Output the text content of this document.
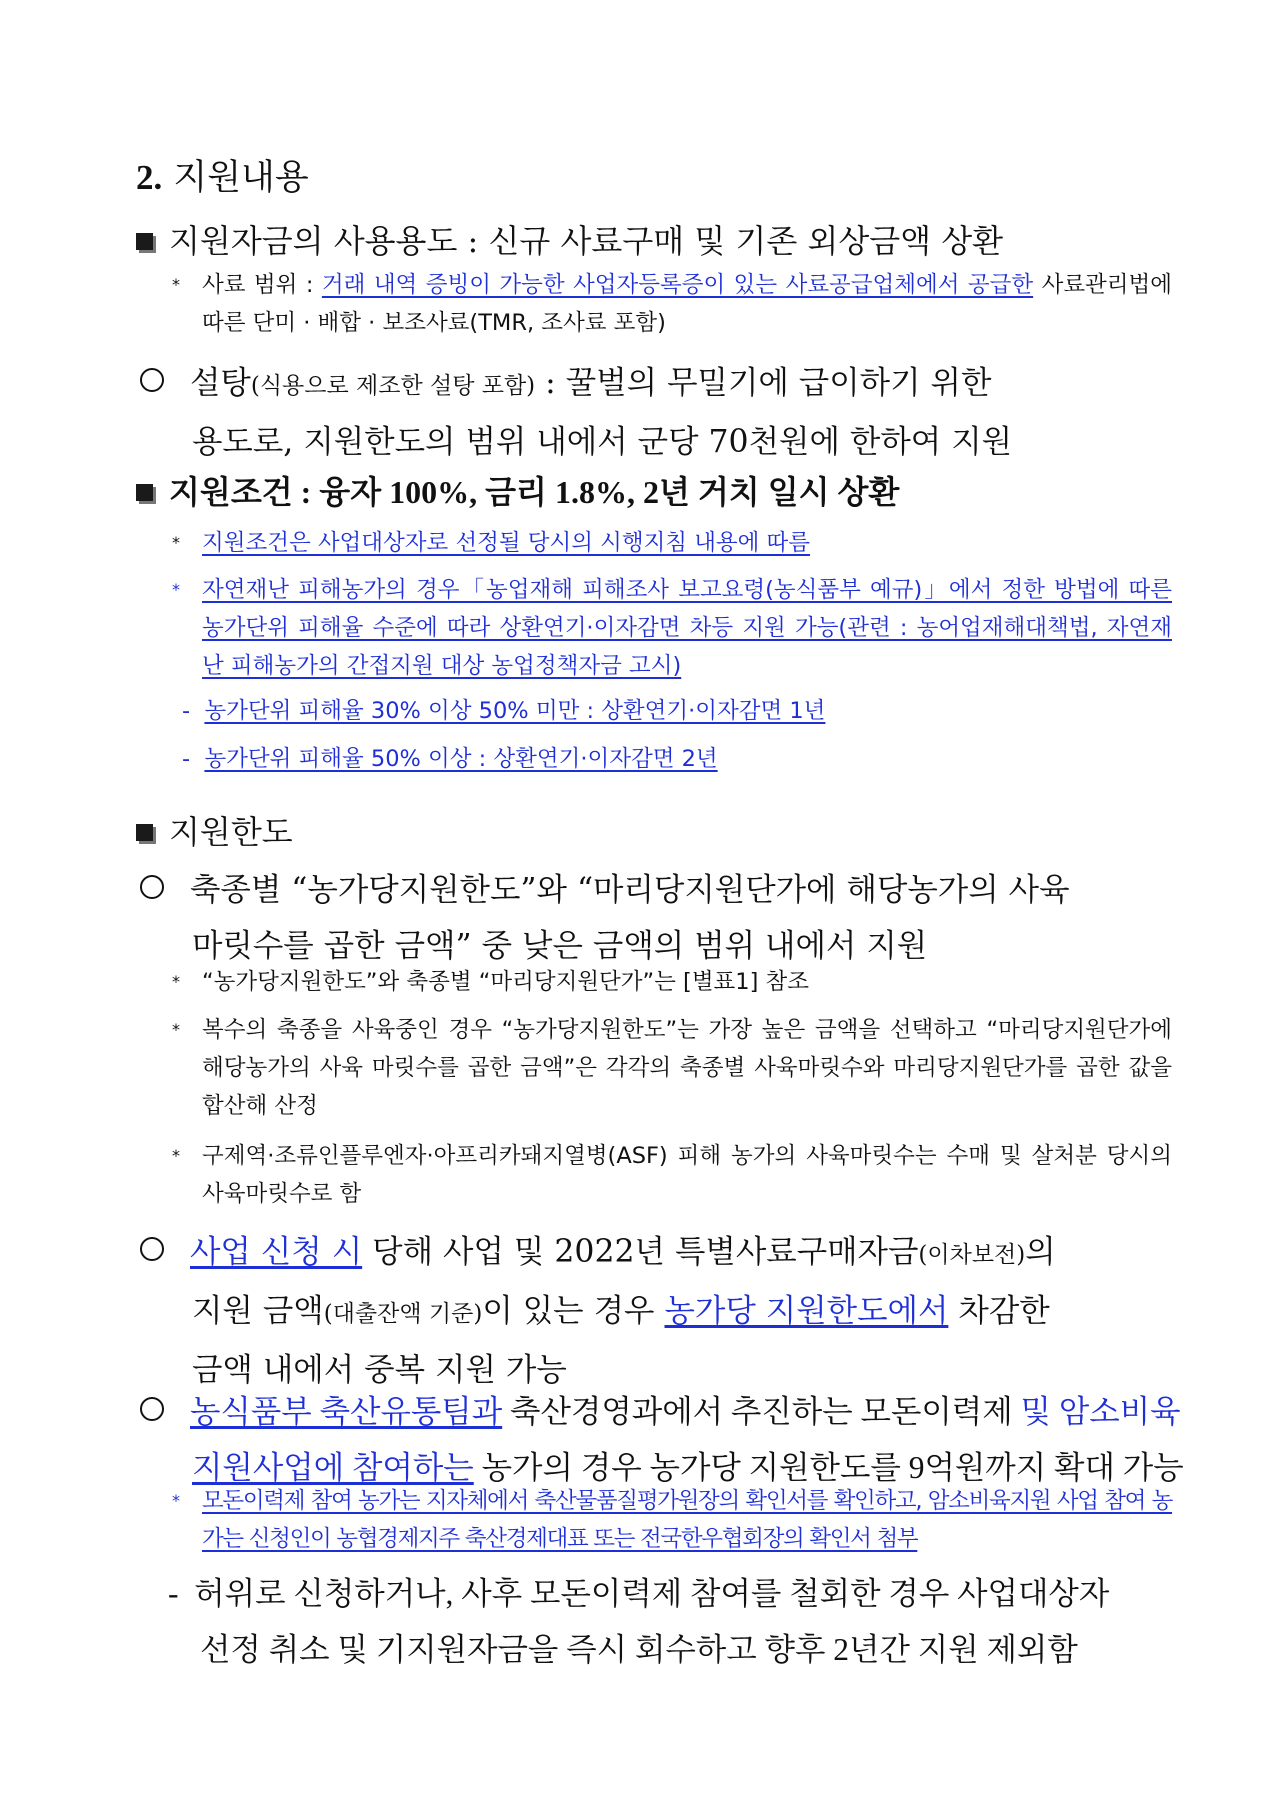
2. 지원내용
지원자금의 사용용도 : 신규 사료구매 및 기존 외상금액 상환
* 사료 범위 : 거래 내역 증빙이 가능한 사업자등록증이 있는 사료공급업체에서 공급한 사료관리법에 따른 단미 · 배합 · 보조사료(TMR, 조사료 포함)
설탕(식용으로 제조한 설탕 포함) : 꿀벌의 무밀기에 급이하기 위한
용도로, 지원한도의 범위 내에서 군당 70천원에 한하여 지원
지원조건 : 융자 100%, 금리 1.8%, 2년 거치 일시 상환
* 지원조건은 사업대상자로 선정될 당시의 시행지침 내용에 따름
* 자연재난 피해농가의 경우「농업재해 피해조사 보고요령(농식품부 예규)」에서 정한 방법에 따른 농가단위 피해율 수준에 따라 상환연기·이자감면 차등 지원 가능(관련 : 농어업재해대책법, 자연재난 피해농가의 간접지원 대상 농업정책자금 고시)
- 농가단위 피해율 30% 이상 50% 미만 : 상환연기·이자감면 1년
- 농가단위 피해율 50% 이상 : 상환연기·이자감면 2년
지원한도
축종별 “농가당지원한도”와 “마리당지원단가에 해당농가의 사육
마릿수를 곱한 금액” 중 낮은 금액의 범위 내에서 지원
* “농가당지원한도”와 축종별 “마리당지원단가”는 [별표1] 참조
* 복수의 축종을 사육중인 경우 “농가당지원한도”는 가장 높은 금액을 선택하고 “마리당지원단가에 해당농가의 사육 마릿수를 곱한 금액”은 각각의 축종별 사육마릿수와 마리당지원단가를 곱한 값을 합산해 산정
* 구제역·조류인플루엔자·아프리카돼지열병(ASF) 피해 농가의 사육마릿수는 수매 및 살처분 당시의 사육마릿수로 함
사업 신청 시 당해 사업 및 2022년 특별사료구매자금(이차보전)의
지원 금액(대출잔액 기준)이 있는 경우 농가당 지원한도에서 차감한
금액 내에서 중복 지원 가능
농식품부 축산유통팀과 축산경영과에서 추진하는 모돈이력제 및 암소비육
지원사업에 참여하는 농가의 경우 농가당 지원한도를 9억원까지 확대 가능
* 모돈이력제 참여 농가는 지자체에서 축산물품질평가원장의 확인서를 확인하고, 암소비육지원 사업 참여 농가는 신청인이 농협경제지주 축산경제대표 또는 전국한우협회장의 확인서 첨부
- 허위로 신청하거나, 사후 모돈이력제 참여를 철회한 경우 사업대상자
선정 취소 및 기지원자금을 즉시 회수하고 향후 2년간 지원 제외함
